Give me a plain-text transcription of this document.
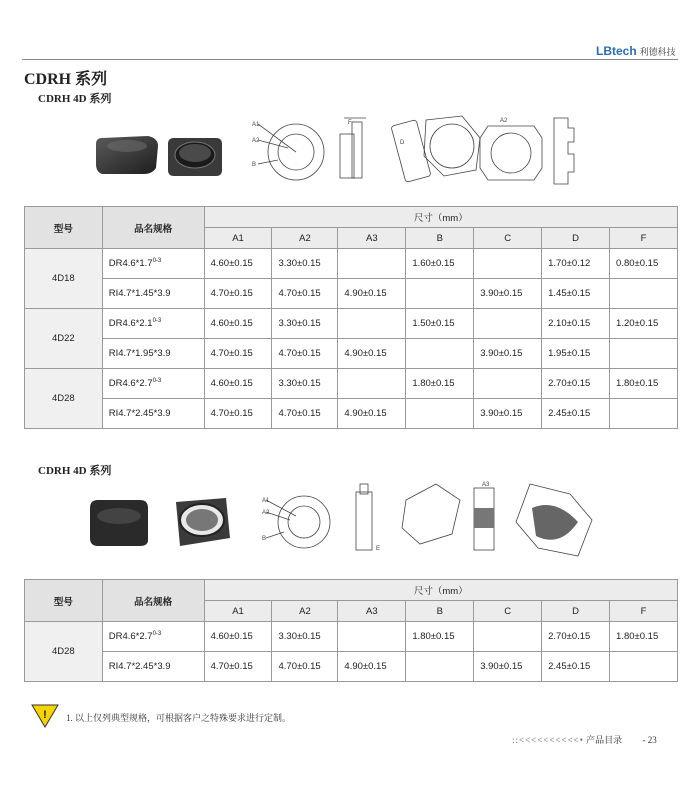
LBtech 利德科技
CDRH 系列
CDRH 4D 系列
A1
A2
B
F
D
A2
型号	品名规格	尺寸（mm）						
		A1	A2	A3	B	C	D	F
4D18	DR4.6*1.7$^{0-3}$	4.60±0.15	3.30±0.15		1.60±0.15		1.70±0.12	0.80±0.15
	RI4.7*1.45*3.9	4.70±0.15	4.70±0.15	4.90±0.15		3.90±0.15	1.45±0.15	
4D22	DR4.6*2.1$^{0-3}$	4.60±0.15	3.30±0.15		1.50±0.15		2.10±0.15	1.20±0.15
	RI4.7*1.95*3.9	4.70±0.15	4.70±0.15	4.90±0.15		3.90±0.15	1.95±0.15	
4D28	DR4.6*2.7$^{0-3}$	4.60±0.15	3.30±0.15		1.80±0.15		2.70±0.15	1.80±0.15
	RI4.7*2.45*3.9	4.70±0.15	4.70±0.15	4.90±0.15		3.90±0.15	2.45±0.15	
CDRH 4D 系列
A1
A2
B
E
A3
型号	品名规格	尺寸（mm）						
		A1	A2	A3	B	C	D	F
4D28	DR4.6*2.7$^{0-3}$	4.60±0.15	3.30±0.15		1.80±0.15		2.70±0.15	1.80±0.15
	RI4.7*2.45*3.9	4.70±0.15	4.70±0.15	4.90±0.15		3.90±0.15	2.45±0.15	
! 1. 以上仅列典型规格，可根据客户之特殊要求进行定制。
::<<<<<<<<<<• 产品目录 - 23
